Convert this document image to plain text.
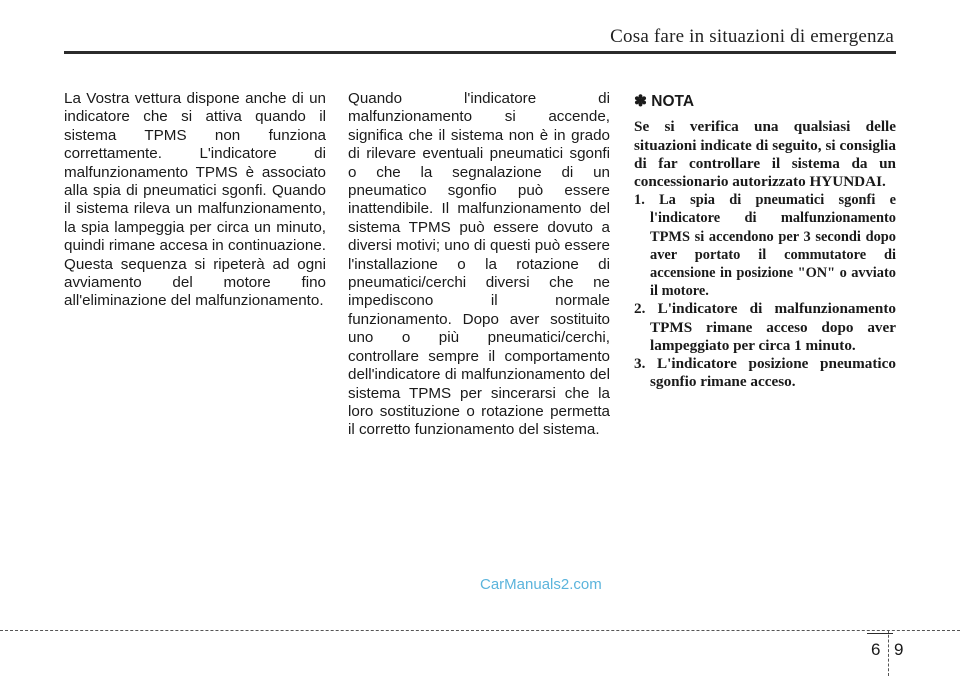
Cosa fare in situazioni di emergenza
La Vostra vettura dispone anche di un indicatore che si attiva quando il sistema TPMS non funziona correttamente. L'indicatore di malfunzionamento TPMS è associato alla spia di pneumatici sgonfi. Quando il sistema rileva un malfunzionamento, la spia lampeggia per circa un minuto, quindi rimane accesa in continuazione. Questa sequenza si ripeterà ad ogni avviamento del motore fino all'eliminazione del malfunzionamento.
Quando l'indicatore di malfunzionamento si accende, significa che il sistema non è in grado di rilevare eventuali pneumatici sgonfi o che la segnalazione di un pneumatico sgonfio può essere inattendibile. Il malfunzionamento del sistema TPMS può essere dovuto a diversi motivi; uno di questi può essere l'installazione o la rotazione di pneumatici/cerchi diversi che ne impediscono il normale funzionamento. Dopo aver sostituito uno o più pneumatici/cerchi, controllare sempre il comportamento dell'indicatore di malfunzionamento del sistema TPMS per sincerarsi che la loro sostituzione o rotazione permetta il corretto funzionamento del sistema.
✽ NOTA

Se si verifica una qualsiasi delle situazioni indicate di seguito, si consiglia di far controllare il sistema da un concessionario autorizzato HYUNDAI.

1. La spia di pneumatici sgonfi e l'indicatore di malfunzionamento TPMS si accendono per 3 secondi dopo aver portato il commutatore di accensione in posizione "ON" o avviato il motore.
2. L'indicatore di malfunzionamento TPMS rimane acceso dopo aver lampeggiato per circa 1 minuto.
3. L'indicatore posizione pneumatico sgonfio rimane acceso.
CarManuals2.com
6 9
